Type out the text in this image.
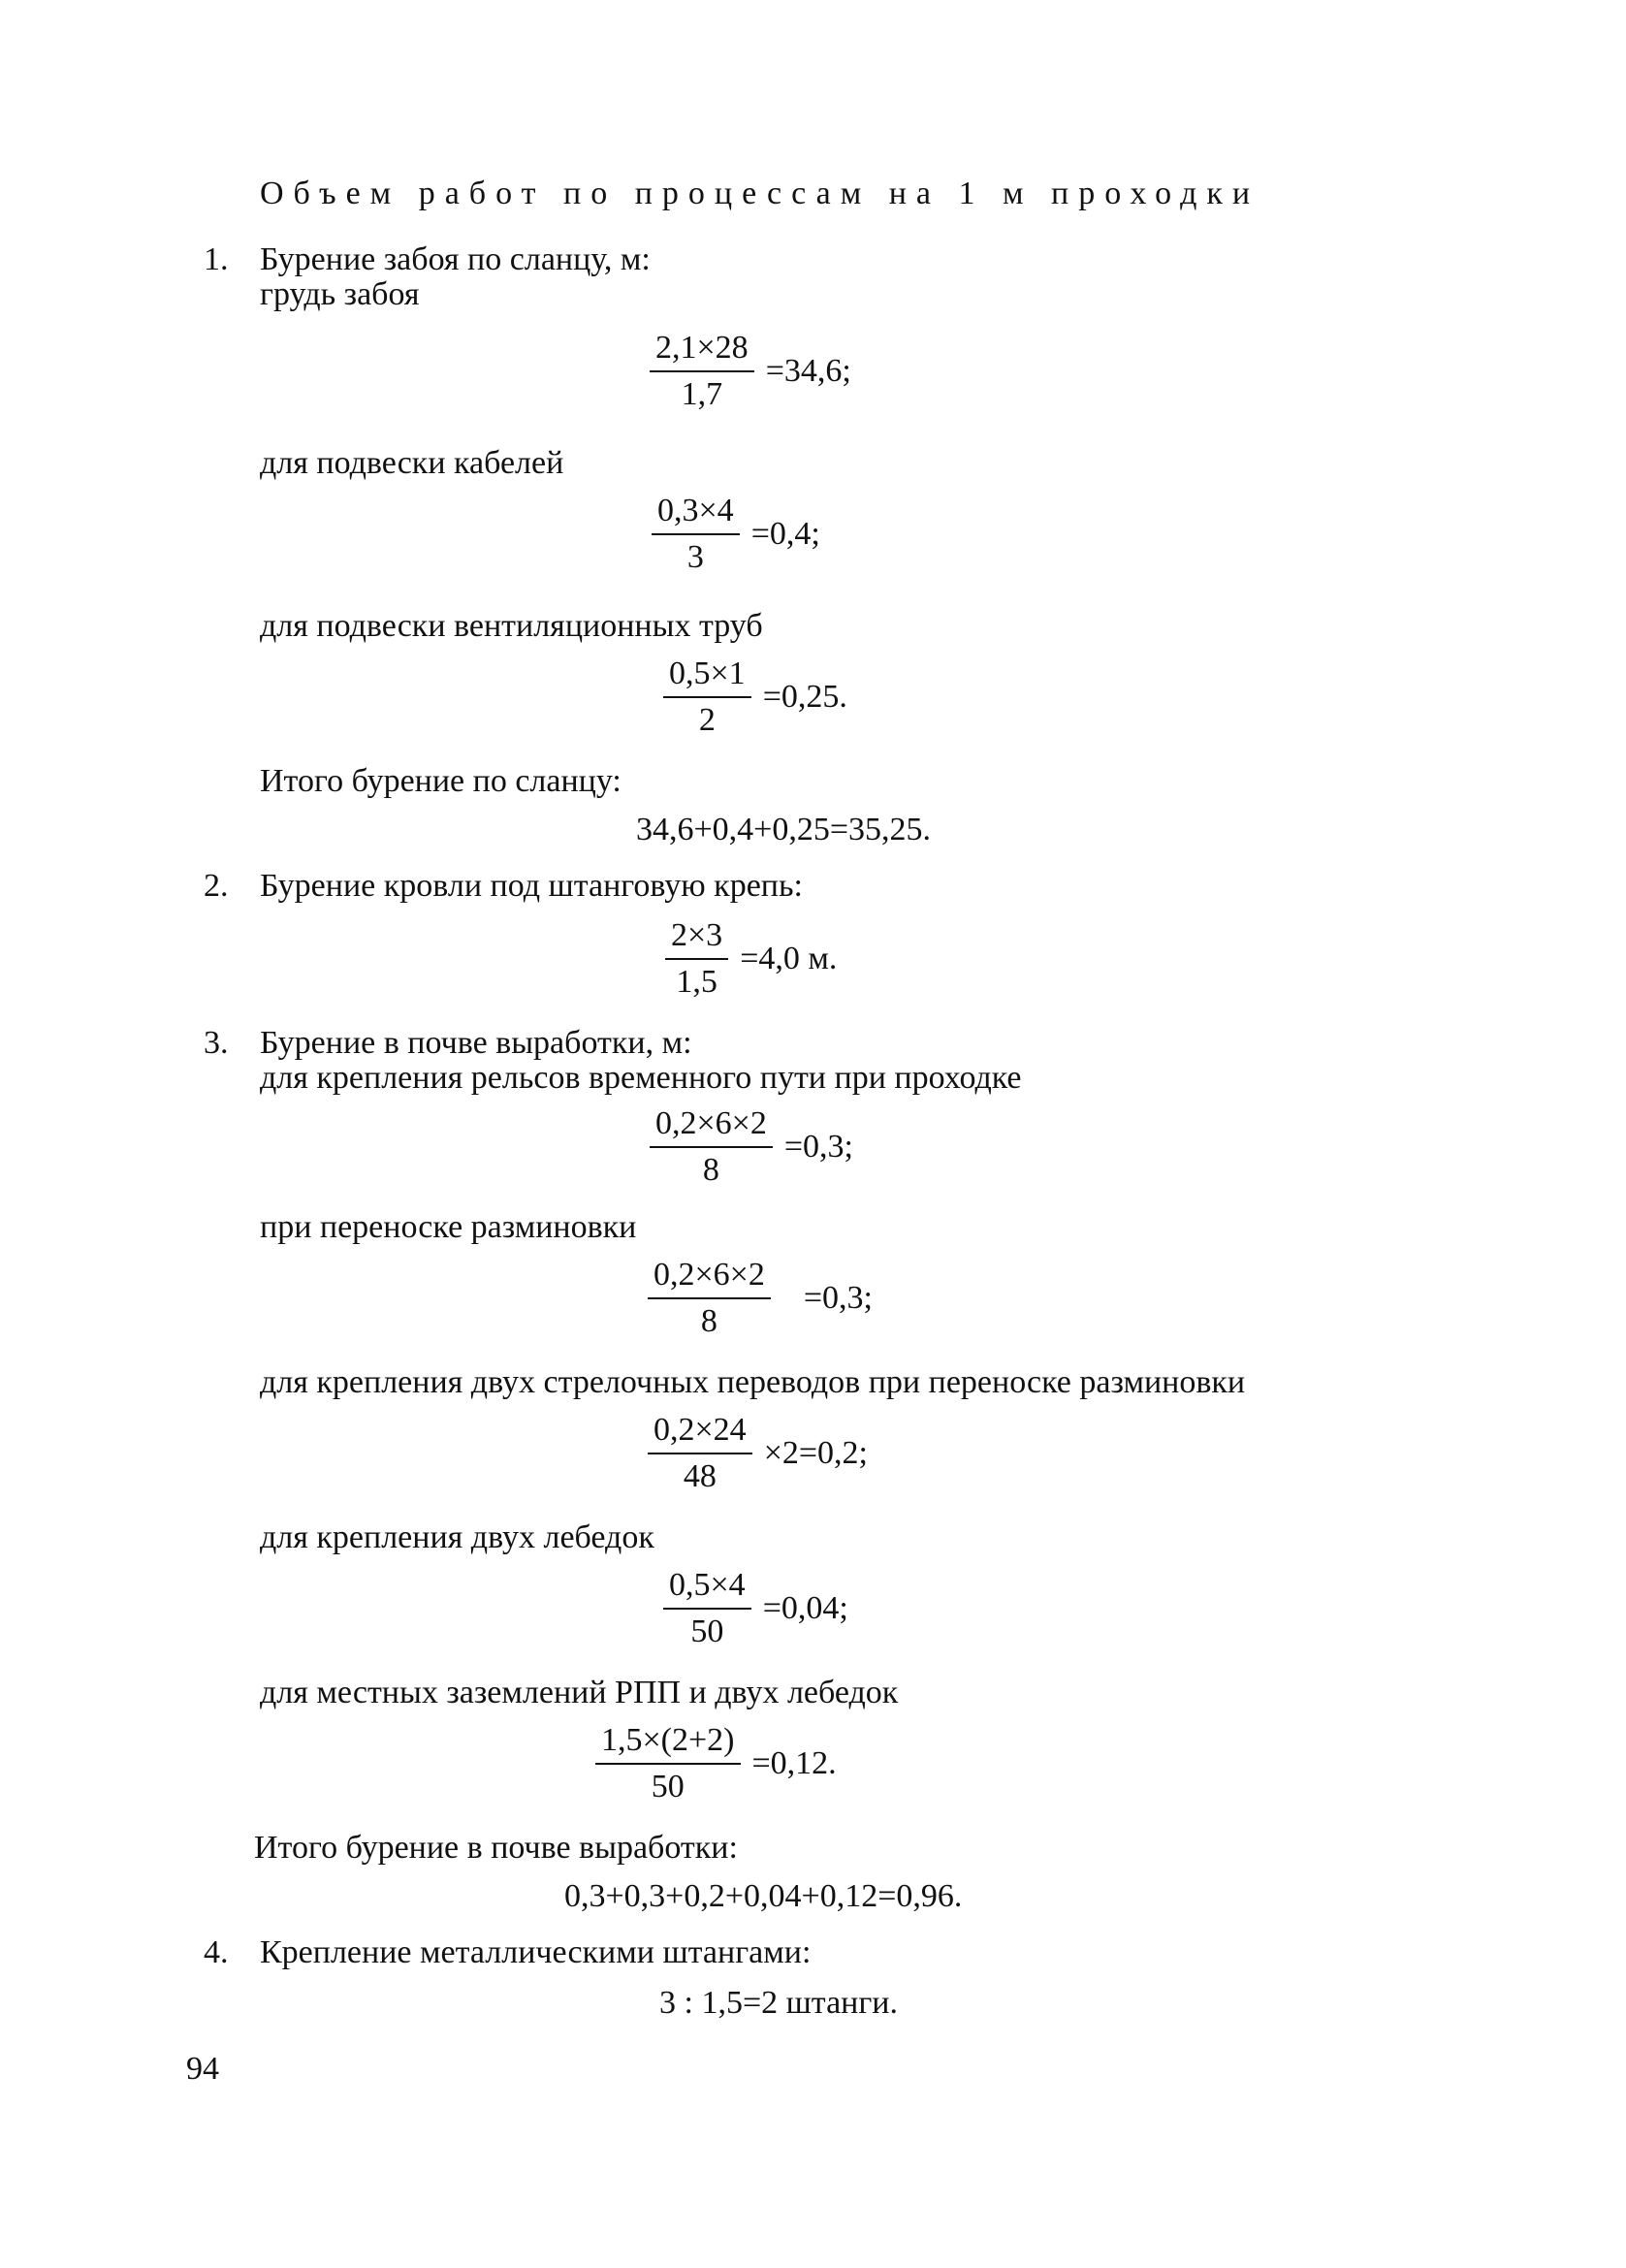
Объем работ по процессам на 1 м проходки
1. Бурение забоя по сланцу, м:
грудь забоя
$\frac{2,1\times 28}{1,7} =34,6$;
для подвески кабелей
$\frac{0,3\times 4}{3} =0,4$;
для подвески вентиляционных труб
$\frac{0,5\times 1}{2} =0,25$.
Итого бурение по сланцу:
34,6+0,4+0,25=35,25.
2. Бурение кровли под штанговую крепь:
$\frac{2\times 3}{1,5} =4,0$ м.
3. Бурение в почве выработки, м:
для крепления рельсов временного пути при проходке
$\frac{0,2\times 6\times 2}{8} =0,3$;
при переноске разминовки
$\frac{0,2\times 6\times 2}{8} =0,3$;
для крепления двух стрелочных переводов при переноске разминовки
$\frac{0,2\times 24}{48} \times 2=0,2$;
для крепления двух лебедок
$\frac{0,5\times 4}{50} =0,04$;
для местных заземлений РПП и двух лебедок
$\frac{1,5\times(2+2)}{50} =0,12$.
Итого бурение в почве выработки:
0,3+0,3+0,2+0,04+0,12=0,96.
4. Крепление металлическими штангами:
3 : 1,5=2 штанги.
94
